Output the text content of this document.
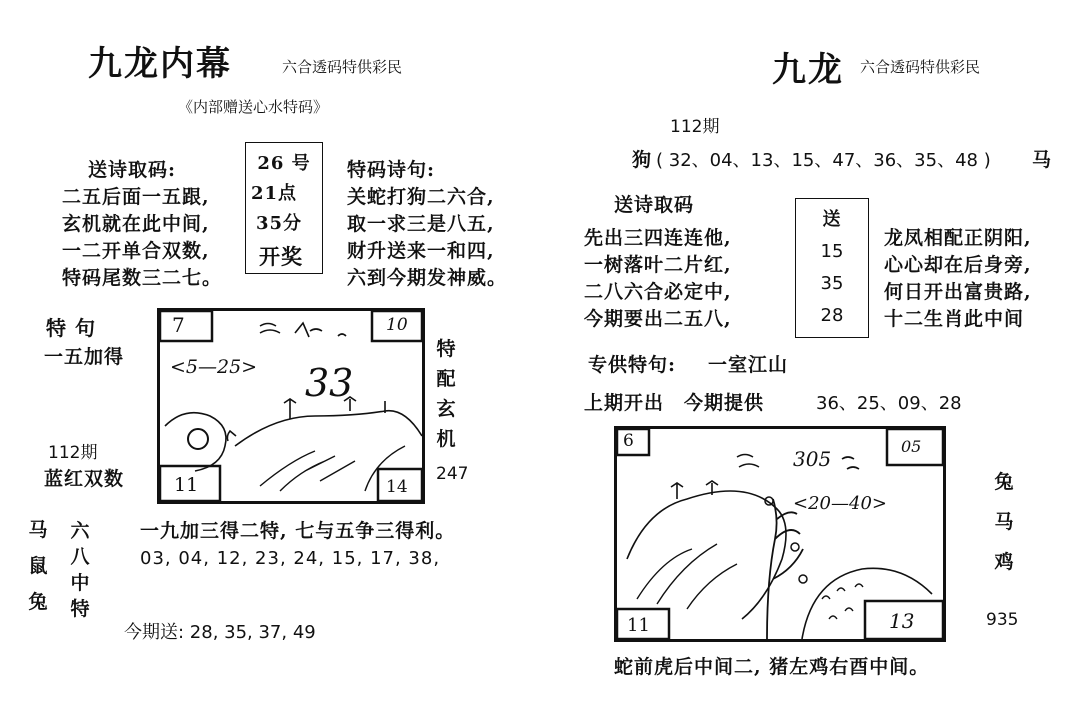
九龙内幕	六合透码特供彩民
《内部赠送心水特码》
送诗取码:
二五后面一五跟,
玄机就在此中间,
一二开单合双数,
特码尾数三二七。
26 号
21点
35分
开奖
特码诗句:
关蛇打狗二六合,
取一求三是八五,
财升送来一和四,
六到今期发神威。
特 句
一五加得
112期
蓝红双数
7	10
11	14
<5—25> 33
特
配
玄
机
247
马
鼠
兔
六
八
中
特
一九加三得二特, 七与五争三得利。
03, 04, 12, 23, 24, 15, 17, 38,
今期送: 28, 35, 37, 49
九龙 六合透码特供彩民
112期
狗 ( 32、04、13、15、47、36、35、48 ) 马
送诗取码
先出三四连连他,
一树落叶二片红,
二八六合必定中,
今期要出二五八,
送
15
35
28
龙凤相配正阴阳,
心心却在后身旁,
何日开出富贵路,
十二生肖此中间
专供特句: 一室江山
上期开出 今期提供	36、25、09、28
6	05
11	13
305
<20—40>
兔
马
鸡
935
蛇前虎后中间二, 猪左鸡右酉中间。
